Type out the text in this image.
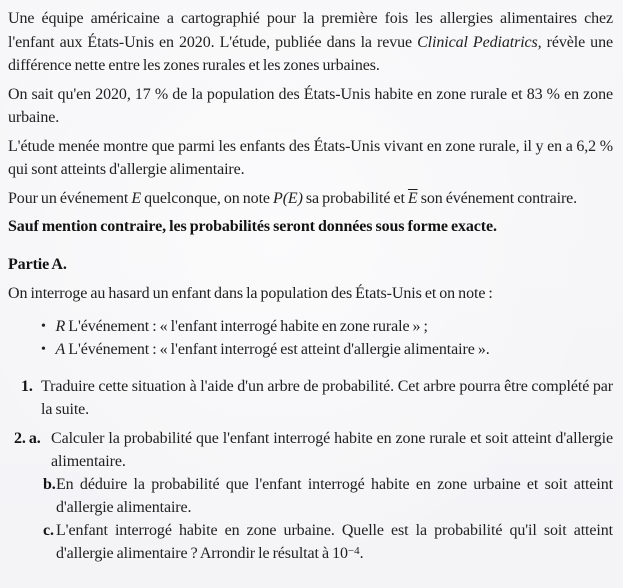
Une équipe américaine a cartographié pour la première fois les allergies alimentaires chez l'enfant aux États-Unis en 2020. L'étude, publiée dans la revue Clinical Pediatrics, révèle une différence nette entre les zones rurales et les zones urbaines.

On sait qu'en 2020, 17 % de la population des États-Unis habite en zone rurale et 83 % en zone urbaine.

L'étude menée montre que parmi les enfants des États-Unis vivant en zone rurale, il y en a 6,2 % qui sont atteints d'allergie alimentaire.

Pour un événement E quelconque, on note P(E) sa probabilité et $\overline{E}$ son événement contraire.

Sauf mention contraire, les probabilités seront données sous forme exacte.

Partie A.

On interroge au hasard un enfant dans la population des États-Unis et on note :

• R L'événement : « l'enfant interrogé habite en zone rurale » ;
• A L'événement : « l'enfant interrogé est atteint d'allergie alimentaire ».
1. Traduire cette situation à l'aide d'un arbre de probabilité. Cet arbre pourra être complété par la suite.
2. a. Calculer la probabilité que l'enfant interrogé habite en zone rurale et soit atteint d'allergie alimentaire.
b. En déduire la probabilité que l'enfant interrogé habite en zone urbaine et soit atteint d'allergie alimentaire.
c. L'enfant interrogé habite en zone urbaine. Quelle est la probabilité qu'il soit atteint d'allergie alimentaire ? Arrondir le résultat à $10^{-4}$.
